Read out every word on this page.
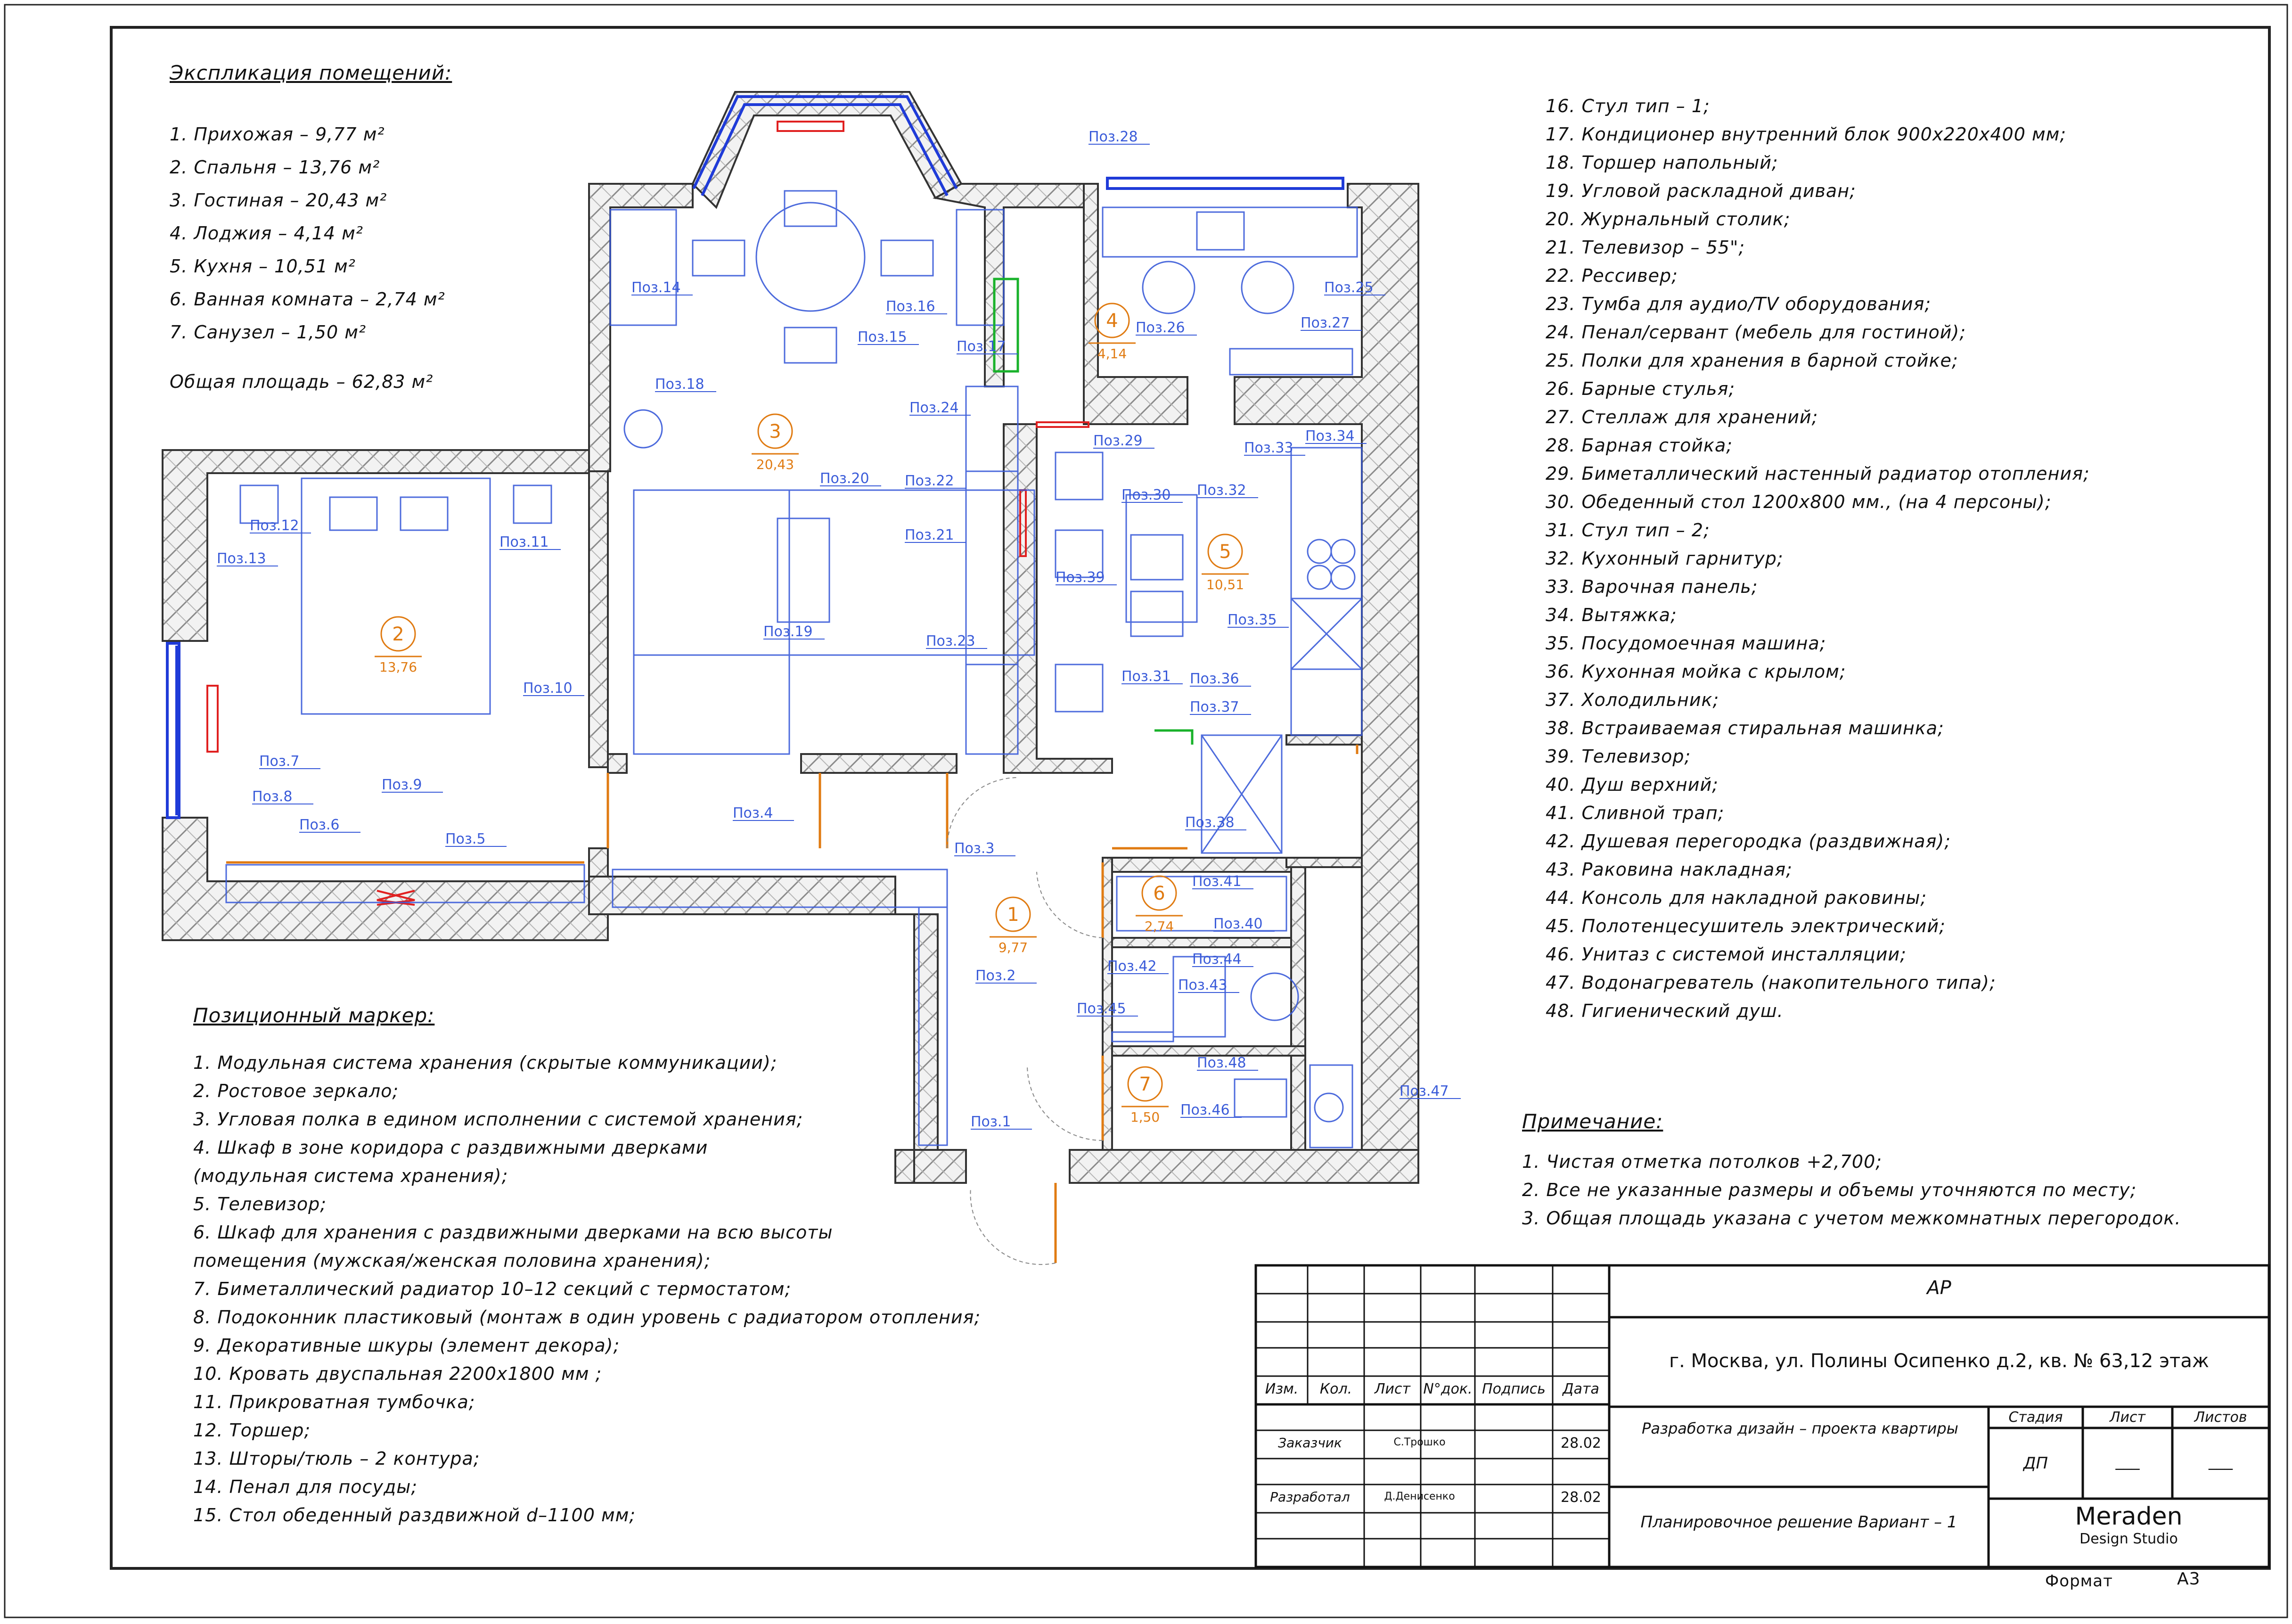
1
9,77
2
13,76
3
20,43
4
4,14
5
10,51
6
2,74
7
1,50
Поз.1
Поз.2
Поз.3
Поз.4
Поз.5
Поз.6
Поз.7
Поз.8
Поз.9
Поз.10
Поз.11
Поз.12
Поз.13
Поз.14
Поз.15
Поз.16
Поз.17
Поз.18
Поз.19
Поз.20
Поз.21
Поз.22
Поз.23
Поз.24
Поз.25
Поз.26	Поз.27
Поз.28
Поз.29
Поз.30
Поз.31
Поз.32
Поз.33
Поз.34
Поз.35
Поз.36
Поз.37
Поз.38
Поз.39
Поз.40
Поз.41
Поз.42
Поз.43
Поз.44
Поз.45
Поз.46
Поз.47
Поз.48
Экспликация помещений:
1. Прихожая – 9,77 м²
2. Спальня – 13,76 м²
3. Гостиная – 20,43 м²
4. Лоджия – 4,14 м²
5. Кухня – 10,51 м²
6. Ванная комната – 2,74 м²
7. Санузел – 1,50 м²
Общая площадь – 62,83 м²
Позиционный маркер:
1. Модульная система хранения (скрытые коммуникации);
2. Ростовое зеркало;
3. Угловая полка в едином исполнении с системой хранения;
4. Шкаф в зоне коридора с раздвижными дверками
(модульная система хранения);
5. Телевизор;
6. Шкаф для хранения с раздвижными дверками на всю высоты
помещения (мужская/женская половина хранения);
7. Биметаллический радиатор 10–12 секций с термостатом;
8. Подоконник пластиковый (монтаж в один уровень с радиатором отопления;
9. Декоративные шкуры (элемент декора);
10. Кровать двуспальная 2200х1800 мм ;
11. Прикроватная тумбочка;
12. Торшер;
13. Шторы/тюль – 2 контура;
14. Пенал для посуды;
15. Стол обеденный раздвижной d–1100 мм;
16. Стул тип – 1;
17. Кондиционер внутренний блок 900х220х400 мм;
18. Торшер напольный;
19. Угловой раскладной диван;
20. Журнальный столик;
21. Телевизор – 55";
22. Рессивер;
23. Тумба для аудио/TV оборудования;
24. Пенал/сервант (мебель для гостиной);
25. Полки для хранения в барной стойке;
26. Барные стулья;
27. Стеллаж для хранений;
28. Барная стойка;
29. Биметаллический настенный радиатор отопления;
30. Обеденный стол 1200х800 мм., (на 4 персоны);
31. Стул тип – 2;
32. Кухонный гарнитур;
33. Варочная панель;
34. Вытяжка;
35. Посудомоечная машина;
36. Кухонная мойка с крылом;
37. Холодильник;
38. Встраиваемая стиральная машинка;
39. Телевизор;
40. Душ верхний;
41. Сливной трап;
42. Душевая перегородка (раздвижная);
43. Раковина накладная;
44. Консоль для накладной раковины;
45. Полотенцесушитель электрический;
46. Унитаз с системой инсталляции;
47. Водонагреватель (накопительного типа);
48. Гигиенический душ.
Примечание:
1. Чистая отметка потолков +2,700;
2. Все не указанные размеры и объемы уточняются по месту;
3. Общая площадь указана с учетом межкомнатных перегородок.
Изм.	Кол.	Лист N°док. Подпись	Дата
Заказчик	С.Трошко	28.02
Разработал	Д.Денисенко	28.02
АР
г. Москва, ул. Полины Осипенко д.2, кв. № 63,12 этаж
Разработка дизайн – проекта квартиры
Планировочное решение Вариант – 1
Стадия	Лист	Листов
ДП	___	___
Meraden
Design Studio
Формат	А3
